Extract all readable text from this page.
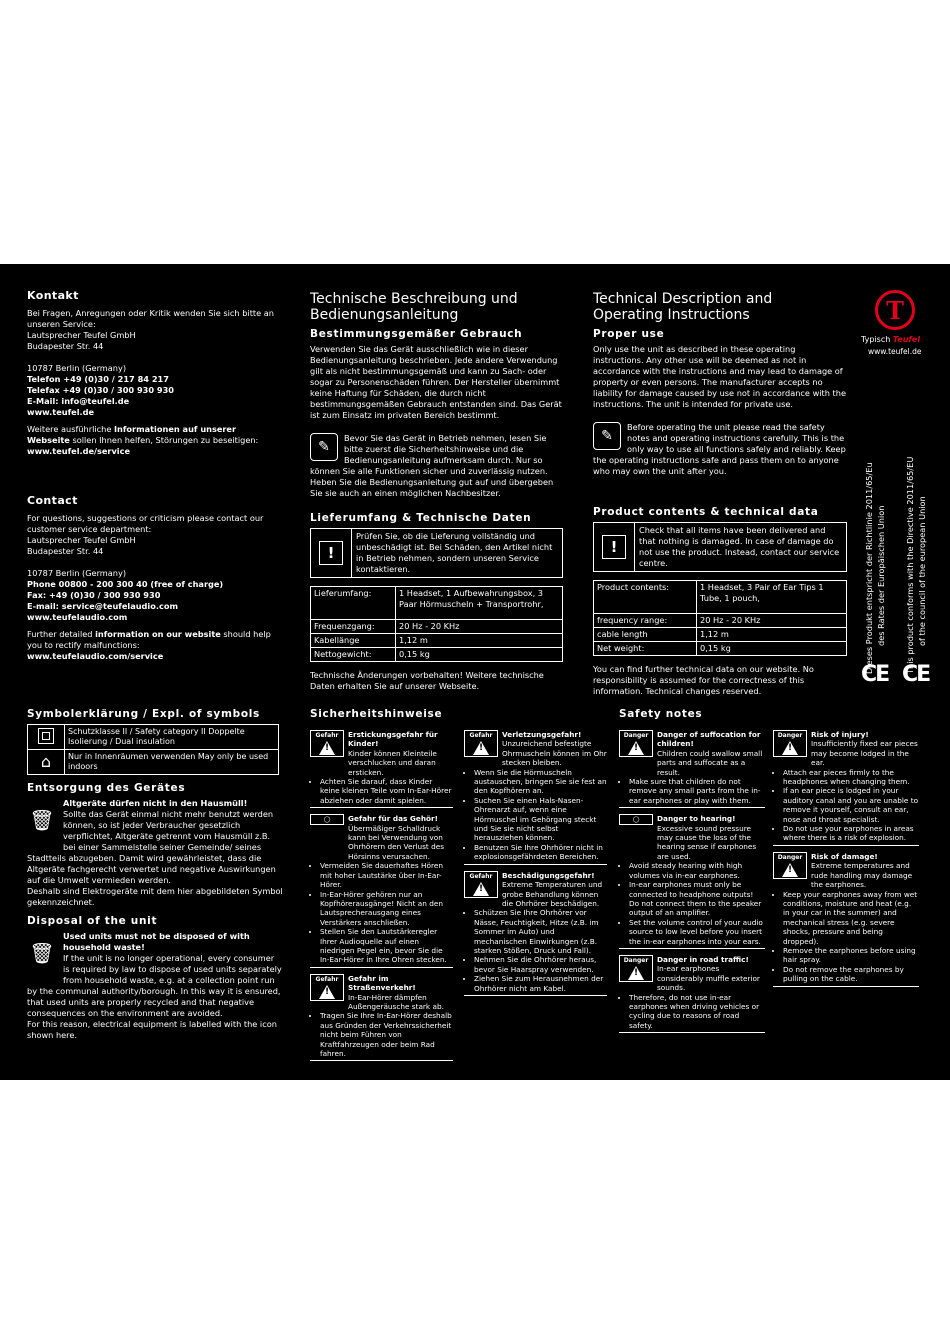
Kontakt
Bei Fragen, Anregungen oder Kritik wenden Sie sich bitte an unseren Service:
Lautsprecher Teufel GmbH
Budapester Str. 44
10787 Berlin (Germany)
Telefon +49 (0)30 / 217 84 217
Telefax +49 (0)30 / 300 930 930
E-Mail: info@teufel.de
www.teufel.de

Weitere ausführliche Informationen auf unserer Webseite sollen Ihnen helfen, Störungen zu beseitigen:
www.teufel.de/service

Contact
For questions, suggestions or criticism please contact our customer service department:
Lautsprecher Teufel GmbH
Budapester Str. 44
10787 Berlin (Germany)
Phone 00800 - 200 300 40 (free of charge)
Fax: +49 (0)30 / 300 930 930
E-mail: service@teufelaudio.com
www.teufelaudio.com

Further detailed information on our website should help you to rectify malfunctions:
www.teufelaudio.com/service

Technische Beschreibung und
Bedienungsanleitung
Bestimmungsgemäßer Gebrauch

Verwenden Sie das Gerät ausschließlich wie in dieser Bedienungsanleitung beschrieben. Jede andere Verwendung gilt als nicht bestimmungsgemäß und kann zu Sach- oder sogar zu Personenschäden führen. Der Hersteller übernimmt keine Haftung für Schäden, die durch nicht bestimmungsgemäßen Gebrauch entstanden sind. Das Gerät ist zum Einsatz im privaten Bereich bestimmt.

✎
Bevor Sie das Gerät in Betrieb nehmen, lesen Sie bitte zuerst die Sicherheitshinweise und die Bedienungsanleitung aufmerksam durch. Nur so können Sie alle Funktionen sicher und zuverlässig nutzen. Heben Sie die Bedienungsanleitung gut auf und übergeben Sie sie auch an einen möglichen Nachbesitzer.

Lieferumfang & Technische Daten
!
Prüfen Sie, ob die Lieferung vollständig und unbeschädigt ist. Bei Schäden, den Artikel nicht in Betrieb nehmen, sondern unseren Service kontaktieren.
Lieferumfang:	1 Headset, 1 Aufbewahrungsbox, 3 Paar Hörmuscheln + Transportrohr,
Frequenzgang:	20 Hz - 20 KHz
Kabellänge	1,12 m
Nettogewicht:	0,15 kg

Technische Änderungen vorbehalten! Weitere technische Daten erhalten Sie auf unserer Webseite.

Technical Description and
Operating Instructions
Proper use

Only use the unit as described in these operating instructions. Any other use will be deemed as not in accordance with the instructions and may lead to damage of property or even persons. The manufacturer accepts no liability for damage caused by use not in accordance with the instructions. The unit is intended for private use.

✎
Before operating the unit please read the safety notes and operating instructions carefully. This is the only way to use all functions safely and reliably. Keep the operating instructions safe and pass them on to anyone who may own the unit after you.

Product contents & technical data
!
Check that all items have been delivered and that nothing is damaged. In case of damage do not use the product. Instead, contact our service centre.
Product contents:	1 Headset, 3 Pair of Ear Tips 1 Tube, 1 pouch,
frequency range:	20 Hz - 20 KHz
cable length	1,12 m
Net weight:	0,15 kg

You can find further technical data on our website. No responsibility is assumed for the correctness of this information. Technical changes reserved.

T
Typisch Teufel
www.teufel.de
Dieses Produkt entspricht der Richtlinie 2011/65/Eu des Rates der Europäischen Union This product conforms with the Directive 2011/65/EU of the council of the european Union
CE CE
Symbolerklärung / Expl. of symbols
	Schutzklasse II / Safety category II Doppelte Isolierung / Dual insulation
⌂	Nur in Innenräumen verwenden May only be used indoors
Entsorgung des Gerätes

🗑
Altgeräte dürfen nicht in den Hausmüll!
Sollte das Gerät einmal nicht mehr benutzt werden können, so ist jeder Verbraucher gesetzlich verpflichtet, Altgeräte getrennt vom Hausmüll z.B. bei einer Sammelstelle seiner Gemeinde/ seines Stadtteils abzugeben. Damit wird gewährleistet, dass die Altgeräte fachgerecht verwertet und negative Auswirkungen auf die Umwelt vermieden werden.
Deshalb sind Elektrogeräte mit dem hier abgebildeten Symbol gekennzeichnet.

Disposal of the unit

🗑
Used units must not be disposed of with household waste!
If the unit is no longer operational, every consumer is required by law to dispose of used units separately from household waste, e.g. at a collection point run by the communal authority/borough. In this way it is ensured, that used units are properly recycled and that negative consequences on the environment are avoided.
For this reason, electrical equipment is labelled with the icon shown here.

Sicherheitshinweise
Gefahr
! Erstickungsgefahr für Kinder!
Kinder können Kleinteile verschlucken und daran ersticken.
• Achten Sie darauf, dass Kinder keine kleinen Teile vom In-Ear-Hörer abziehen oder damit spielen.
◯ Gefahr für das Gehör!
Übermäßiger Schalldruck kann bei Verwendung von Ohrhörern den Verlust des Hörsinns verursachen.
• Vermeiden Sie dauerhaftes Hören mit hoher Lautstärke über In-Ear-Hörer.
• In-Ear-Hörer gehören nur an Kopfhörerausgänge! Nicht an den Lautsprecherausgang eines Verstärkers anschließen.
• Stellen Sie den Lautstärkeregler Ihrer Audioquelle auf einen niedrigen Pegel ein, bevor Sie die In-Ear-Hörer in Ihre Ohren stecken.
Gefahr
! Gefahr im Straßenverkehr!
In-Ear-Hörer dämpfen Außengeräusche stark ab.
• Tragen Sie Ihre In-Ear-Hörer deshalb aus Gründen der Verkehrssicherheit nicht beim Führen von Kraftfahrzeugen oder beim Rad fahren.
Gefahr
! Verletzungsgefahr!
Unzureichend befestigte Ohrmuscheln können im Ohr stecken bleiben.
• Wenn Sie die Hörmuscheln austauschen, bringen Sie sie fest an den Kopfhörern an.
• Suchen Sie einen Hals-Nasen-Ohrenarzt auf, wenn eine Hörmuschel im Gehörgang steckt und Sie sie nicht selbst herausziehen können.
• Benutzen Sie Ihre Ohrhörer nicht in explosionsgefährdeten Bereichen.
Gefahr
! Beschädigungsgefahr!
Extreme Temperaturen und grobe Behandlung können die Ohrhörer beschädigen.
• Schützen Sie Ihre Ohrhörer vor Nässe, Feuchtigkeit, Hitze (z.B. im Sommer im Auto) und mechanischen Einwirkungen (z.B. starken Stößen, Druck und Fall).
• Nehmen Sie die Ohrhörer heraus, bevor Sie Haarspray verwenden.
• Ziehen Sie zum Herausnehmen der Ohrhörer nicht am Kabel.
Safety notes
Danger
! Danger of suffocation for children!
Children could swallow small parts and suffocate as a result.
• Make sure that children do not remove any small parts from the in-ear earphones or play with them.
◯ Danger to hearing!
Excessive sound pressure may cause the loss of the hearing sense if earphones are used.
• Avoid steady hearing with high volumes via in-ear earphones.
• In-ear earphones must only be connected to headphone outputs! Do not connect them to the speaker output of an amplifier.
• Set the volume control of your audio source to low level before you insert the in-ear earphones into your ears.
Danger
! Danger in road traffic!
In-ear earphones considerably muffle exterior sounds.
• Therefore, do not use in-ear earphones when driving vehicles or cycling due to reasons of road safety.
Danger
! Risk of injury!
Insufficiently fixed ear pieces may become lodged in the ear.
• Attach ear pieces firmly to the headphones when changing them.
• If an ear piece is lodged in your auditory canal and you are unable to remove it yourself, consult an ear, nose and throat specialist.
• Do not use your earphones in areas where there is a risk of explosion.
Danger
! Risk of damage!
Extreme temperatures and rude handling may damage the earphones.
• Keep your earphones away from wet conditions, moisture and heat (e.g. in your car in the summer) and mechanical stress (e.g. severe shocks, pressure and being dropped).
• Remove the earphones before using hair spray.
• Do not remove the earphones by pulling on the cable.
